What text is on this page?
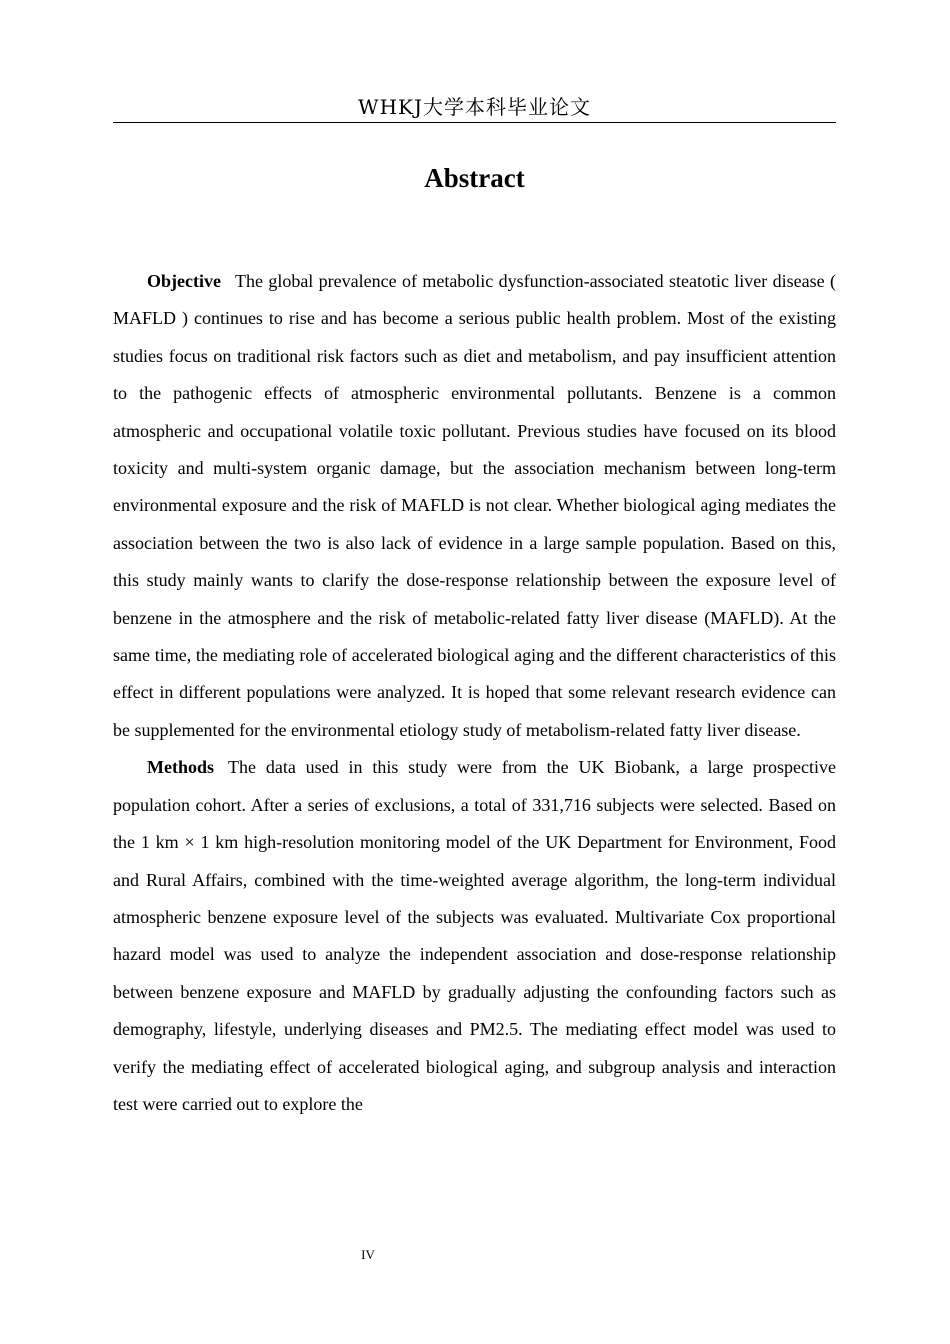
WHKJ大学本科毕业论文
Abstract

Objective The global prevalence of metabolic dysfunction-associated steatotic liver disease ( MAFLD ) continues to rise and has become a serious public health problem. Most of the existing studies focus on traditional risk factors such as diet and metabolism, and pay insufficient attention to the pathogenic effects of atmospheric environmental pollutants. Benzene is a common atmospheric and occupational volatile toxic pollutant. Previous studies have focused on its blood toxicity and multi-system organic damage, but the association mechanism between long-term environmental exposure and the risk of MAFLD is not clear. Whether biological aging mediates the association between the two is also lack of evidence in a large sample population. Based on this, this study mainly wants to clarify the dose-response relationship between the exposure level of benzene in the atmosphere and the risk of metabolic-related fatty liver disease (MAFLD). At the same time, the mediating role of accelerated biological aging and the different characteristics of this effect in different populations were analyzed. It is hoped that some relevant research evidence can be supplemented for the environmental etiology study of metabolism-related fatty liver disease.

Methods The data used in this study were from the UK Biobank, a large prospective population cohort. After a series of exclusions, a total of 331,716 subjects were selected. Based on the 1 km × 1 km high-resolution monitoring model of the UK Department for Environment, Food and Rural Affairs, combined with the time-weighted average algorithm, the long-term individual atmospheric benzene exposure level of the subjects was evaluated. Multivariate Cox proportional hazard model was used to analyze the independent association and dose-response relationship between benzene exposure and MAFLD by gradually adjusting the confounding factors such as demography, lifestyle, underlying diseases and PM2.5. The mediating effect model was used to verify the mediating effect of accelerated biological aging, and subgroup analysis and interaction test were carried out to explore the

IV
